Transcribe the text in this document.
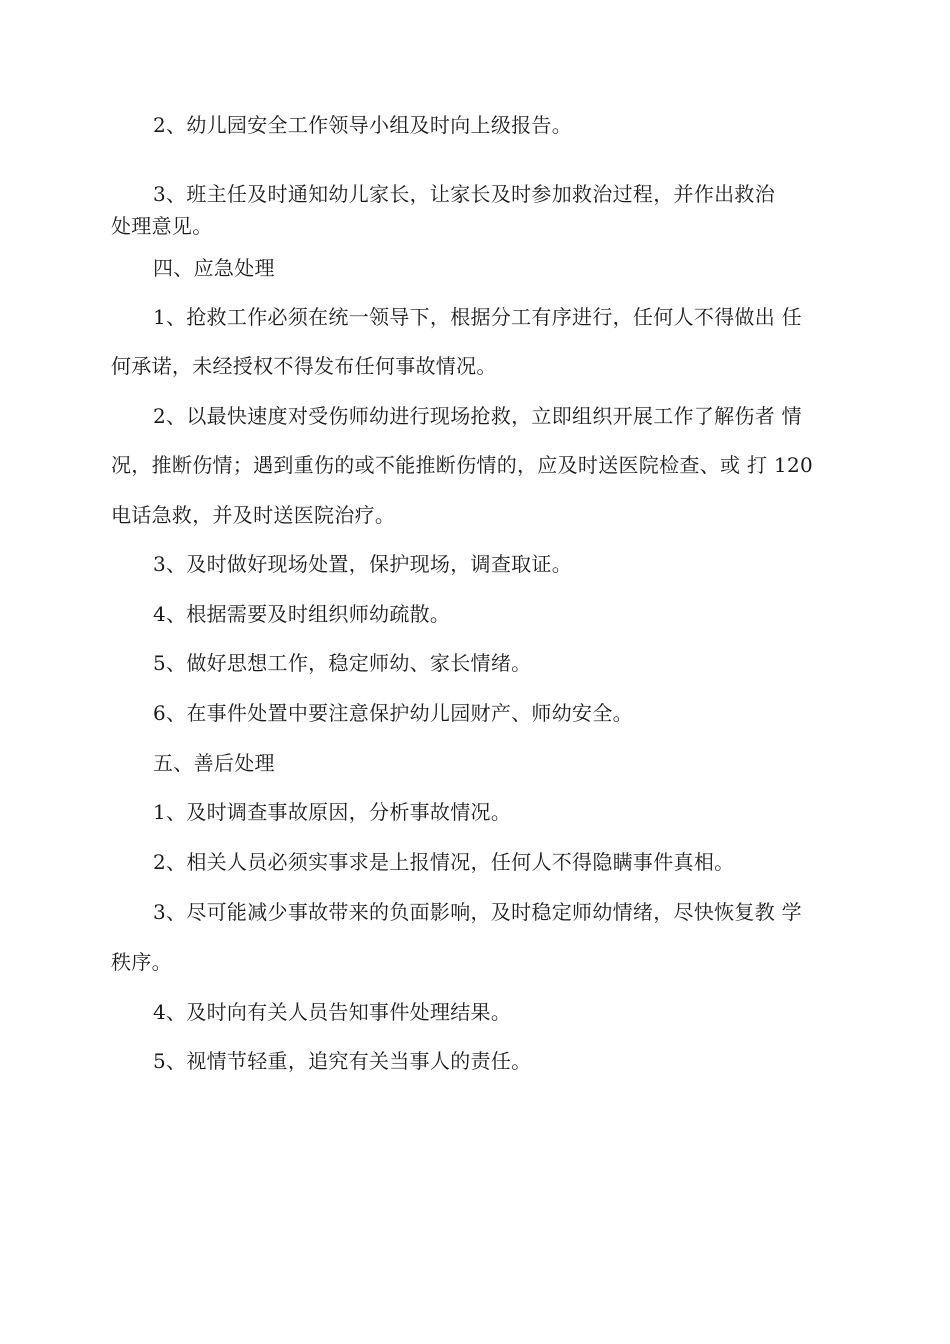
2、幼儿园安全工作领导小组及时向上级报告。
3、班主任及时通知幼儿家长，让家长及时参加救治过程，并作出救治
处理意见。
四、应急处理
1、抢救工作必须在统一领导下，根据分工有序进行，任何人不得做出 任
何承诺，未经授权不得发布任何事故情况。
2、以最快速度对受伤师幼进行现场抢救，立即组织开展工作了解伤者 情
况，推断伤情；遇到重伤的或不能推断伤情的，应及时送医院检查、或 打 120
电话急救，并及时送医院治疗。
3、及时做好现场处置，保护现场，调查取证。
4、根据需要及时组织师幼疏散。
5、做好思想工作，稳定师幼、家长情绪。
6、在事件处置中要注意保护幼儿园财产、师幼安全。
五、善后处理
1、及时调查事故原因，分析事故情况。
2、相关人员必须实事求是上报情况，任何人不得隐瞒事件真相。
3、尽可能减少事故带来的负面影响，及时稳定师幼情绪，尽快恢复教 学
秩序。
4、及时向有关人员告知事件处理结果。
5、视情节轻重，追究有关当事人的责任。
